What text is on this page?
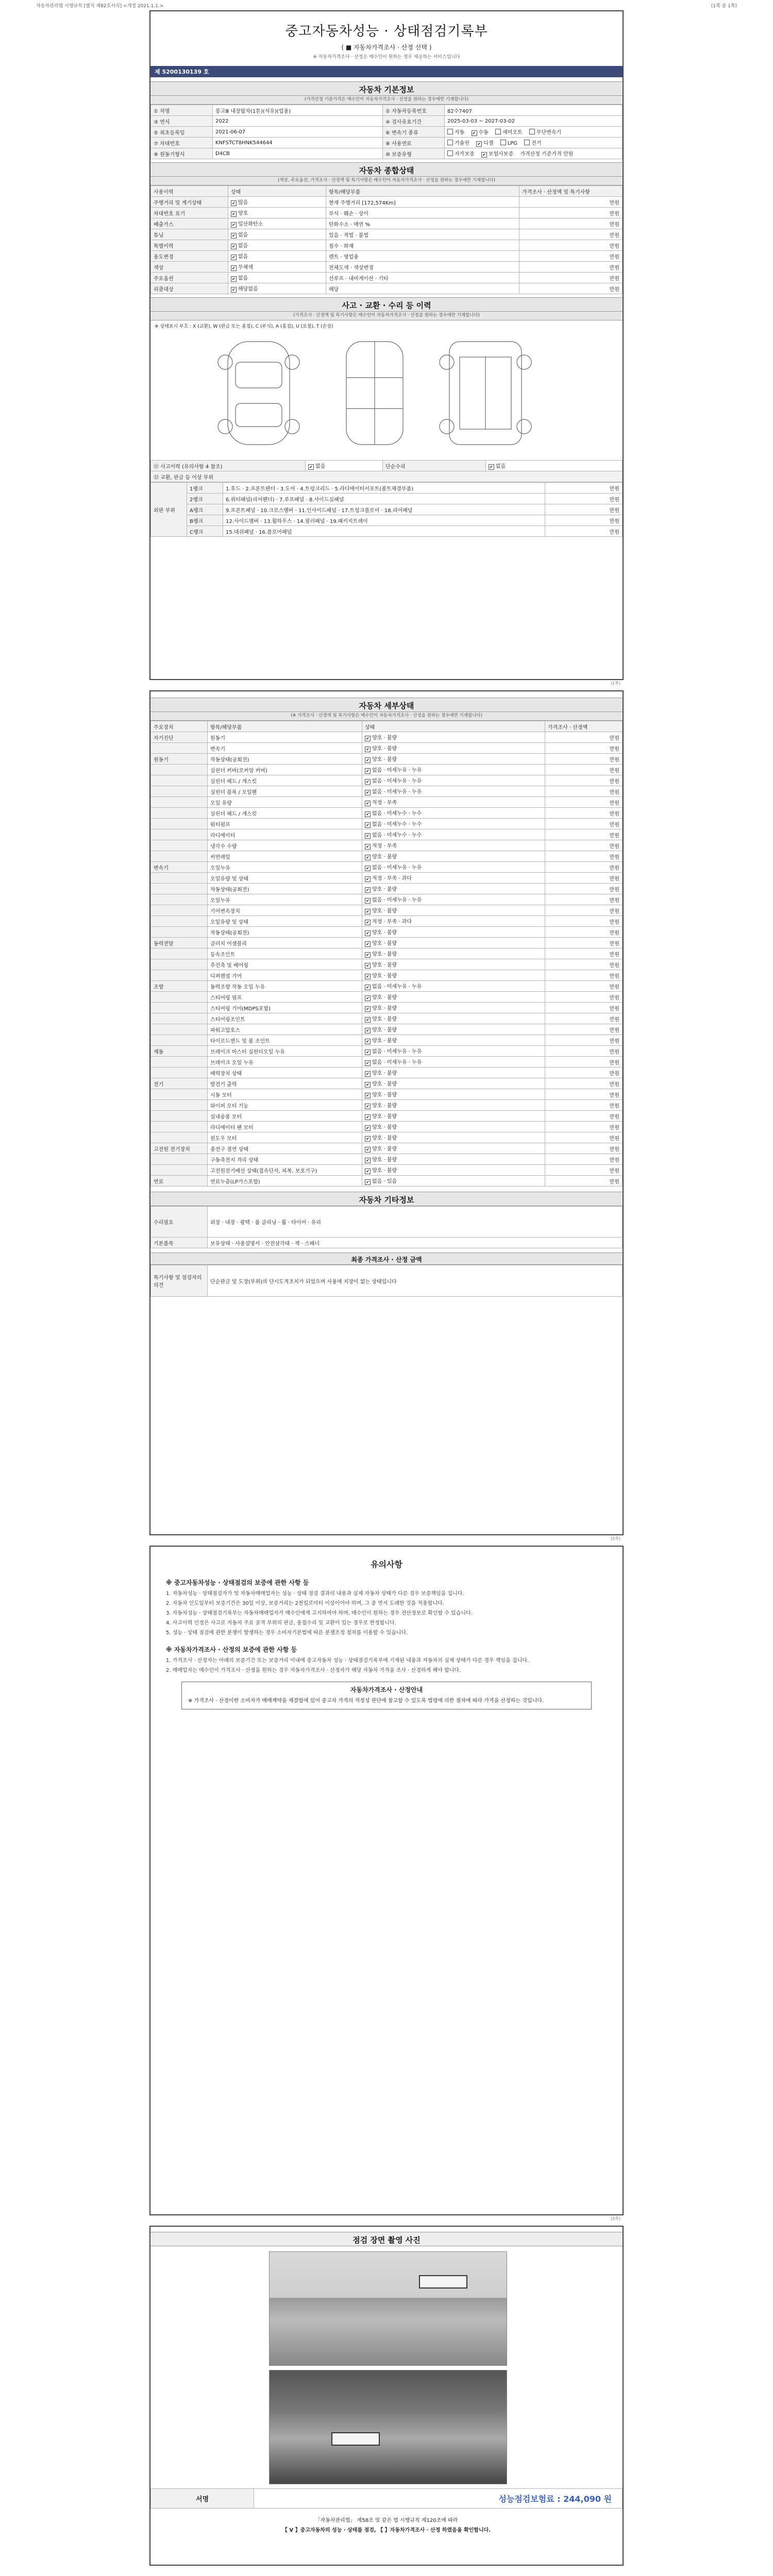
자동차관리법 시행규칙 [별지 제82호서식] <개정 2021.1.1.>	(1쪽 중 1쪽)
중고자동차성능 · 상태점검기록부
( ■ 자동차가격조사 · 산정 선택 )
※ 자동차가격조사 · 산정은 매수인이 원하는 경우 제공하는 서비스입니다
제 5200130139 호
자동차 기본정보
(가격산정 기준가격은 매수인이 자동차가격조사 · 산정을 원하는 경우에만 기재합니다)
① 차명	봉고Ⅲ 내장탑차(1톤)(석유)(업용)	② 자동차등록번호	82수7407
③ 연식	2022	④ 검사유효기간	2025-03-03 ~ 2027-03-02
⑤ 최초등록일	2021-06-07	⑥ 변속기 종류	자동 ✔ 수동 세미오토 무단변속기
⑦ 차대번호	KNFSTCT8HNK544644	⑧ 사용연료	가솔린 ✔ 디젤 LPG 전기
⑨ 원동기형식	D4CB	⑩ 보증유형	자가보증 ✔ 보험사보증 가격산정 기준가격 만원
자동차 종합상태
(색상, 주요옵션, 가격조사 · 산정액 및 특기사항은 매수인이 자동차가격조사 · 산정을 원하는 경우에만 기재합니다)
사용이력	상태	항목/해당부품	가격조사 · 산정액 및 특기사항
주행거리 및 계기상태	✔ 많음	현재 주행거리 [172,574Km]	만원
차대번호 표기	✔ 양호	부식 · 훼손 · 상이	만원
배출가스	✔ 일산화탄소	탄화수소 · 매연 %	만원
튜닝	✔ 없음	있음 · 적법 · 불법	만원
특별이력	✔ 없음	침수 · 화재	만원
용도변경	✔ 없음	렌트 · 영업용	만원
색상	✔ 무채색	전체도색 · 색상변경	만원
주요옵션	✔ 없음	선루프 · 내비게이션 · 기타	만원
리콜대상	✔ 해당없음	해당	만원
사고 · 교환 · 수리 등 이력
(가격조사 · 산정액 및 특기사항은 매수인이 자동차가격조사 · 산정을 원하는 경우에만 기재합니다)
※ 상태표시 부호 : X (교환), W (판금 또는 용접), C (부식), A (흠집), U (요철), T (손상)
⑪ 사고이력 (유의사항 4 참조)	✔ 없음	단순수리	✔ 없음
⑫ 교환, 판금 등 이상 부위
외판 부위	1랭크	1.후드 · 2.프론트펜더 · 3.도어 · 4.트렁크리드 · 5.라디에이터서포트(볼트체결부품)	만원
	2랭크	6.쿼터패널(리어펜더) · 7.루프패널 · 8.사이드실패널	만원
	A랭크	9.프론트패널 · 10.크로스멤버 · 11.인사이드패널 · 17.트렁크플로어 · 18.리어패널	만원
	B랭크	12.사이드멤버 · 13.휠하우스 · 14.필러패널 · 19.패키지트레이	만원
	C랭크	15.대쉬패널 · 16.플로어패널	만원
(1쪽)
자동차 세부상태
(※ 가격조사 · 산정액 및 특기사항은 매수인이 자동차가격조사 · 산정을 원하는 경우에만 기재합니다)
주요장치	항목/해당부품	상태	가격조사 · 산정액
자기진단	원동기	✔ 양호 · 불량	만원
	변속기	✔ 양호 · 불량	만원
원동기	작동상태(공회전)	✔ 양호 · 불량	만원
	실린더 커버(로커암 커버)	✔ 없음 · 미세누유 · 누유	만원
	실린더 헤드 / 개스킷	✔ 없음 · 미세누유 · 누유	만원
	실린더 블록 / 오일팬	✔ 없음 · 미세누유 · 누유	만원
	오일 유량	✔ 적정 · 부족	만원
	실린더 헤드 / 개스킷	✔ 없음 · 미세누수 · 누수	만원
	워터펌프	✔ 없음 · 미세누수 · 누수	만원
	라디에이터	✔ 없음 · 미세누수 · 누수	만원
	냉각수 수량	✔ 적정 · 부족	만원
	커먼레일	✔ 양호 · 불량	만원
변속기	오일누유	✔ 없음 · 미세누유 · 누유	만원
	오일유량 및 상태	✔ 적정 · 부족 · 과다	만원
	작동상태(공회전)	✔ 양호 · 불량	만원
	오일누유	✔ 없음 · 미세누유 · 누유	만원
	기어변속장치	✔ 양호 · 불량	만원
	오일유량 및 상태	✔ 적정 · 부족 · 과다	만원
	작동상태(공회전)	✔ 양호 · 불량	만원
동력전달	클러치 어셈블리	✔ 양호 · 불량	만원
	등속조인트	✔ 양호 · 불량	만원
	추진축 및 베어링	✔ 양호 · 불량	만원
	디퍼렌셜 기어	✔ 양호 · 불량	만원
조향	동력조향 작동 오일 누유	✔ 없음 · 미세누유 · 누유	만원
	스티어링 펌프	✔ 양호 · 불량	만원
	스티어링 기어(MDPS포함)	✔ 양호 · 불량	만원
	스티어링조인트	✔ 양호 · 불량	만원
	파워고압호스	✔ 양호 · 불량	만원
	타이로드엔드 및 볼 조인트	✔ 양호 · 불량	만원
제동	브레이크 마스터 실린더오일 누유	✔ 없음 · 미세누유 · 누유	만원
	브레이크 오일 누유	✔ 없음 · 미세누유 · 누유	만원
	배력장치 상태	✔ 양호 · 불량	만원
전기	발전기 출력	✔ 양호 · 불량	만원
	시동 모터	✔ 양호 · 불량	만원
	와이퍼 모터 기능	✔ 양호 · 불량	만원
	실내송풍 모터	✔ 양호 · 불량	만원
	라디에이터 팬 모터	✔ 양호 · 불량	만원
	윈도우 모터	✔ 양호 · 불량	만원
고전원 전기장치	충전구 절연 상태	✔ 양호 · 불량	만원
	구동축전지 격리 상태	✔ 양호 · 불량	만원
	고전원전기배선 상태(접속단자, 피복, 보호기구)	✔ 양호 · 불량	만원
연료	연료누출(LP가스포함)	✔ 없음 · 있음	만원
자동차 기타정보
수리필요	외장 · 내장 · 광택 · 룸 클리닝 · 휠 · 타이어 · 유리
기본품목	보유상태 · 사용설명서 · 안전삼각대 · 잭 · 스패너
최종 가격조사 · 산정 금액
특기사항 및 점검자의 의견	단순판금 및 도장(부위)의 단시도적조치가 되었으며 사용에 지장이 없는 상태입니다
(2쪽)
유의사항
※ 중고자동차성능 · 상태점검의 보증에 관한 사항 등

1. 자동차성능 · 상태점검자가 및 자동차매매업자는 성능 · 상태 점검 결과의 내용과 실제 자동차 상태가 다른 경우 보증책임을 집니다.

2. 자동차 인도일부터 보증기간은 30일 이상, 보증거리는 2천킬로미터 이상이어야 하며, 그 중 먼저 도래한 것을 적용합니다.

3. 자동차성능 · 상태점검기록부는 자동차매매업자가 매수인에게 고지하여야 하며, 매수인이 원하는 경우 전산정보로 확인할 수 있습니다.

4. 사고이력 인정은 사고로 자동차 주요 골격 부위의 판금, 용접수리 및 교환이 있는 경우로 한정합니다.

5. 성능 · 상태 점검에 관한 분쟁이 발생하는 경우 소비자기본법에 따른 분쟁조정 절차를 이용할 수 있습니다.

※ 자동차가격조사 · 산정의 보증에 관한 사항 등

1. 가격조사 · 산정자는 아래의 보증기간 또는 보증거리 이내에 중고자동차 성능 · 상태점검기록부에 기재된 내용과 자동차의 실제 상태가 다른 경우 책임을 집니다.

2. 매매업자는 매수인이 가격조사 · 산정을 원하는 경우 자동차가격조사 · 산정자가 해당 자동차 가격을 조사 · 산정하게 해야 합니다.

자동차가격조사 · 산정안내
※ 가격조사 · 산정이란 소비자가 매매계약을 체결함에 있어 중고차 가격의 적정성 판단에 참고할 수 있도록 법령에 의한 절차에 따라 가격을 산정하는 것입니다.
(3쪽)
점검 장면 촬영 사진
서명	성능점검보험료 : 244,090 원
「자동차관리법」 제58조 및 같은 법 시행규칙 제120조에 따라
【 V 】중고자동차의 성능 · 상태를 점검, 【 】자동차가격조사 · 산정 하였음을 확인합니다.
